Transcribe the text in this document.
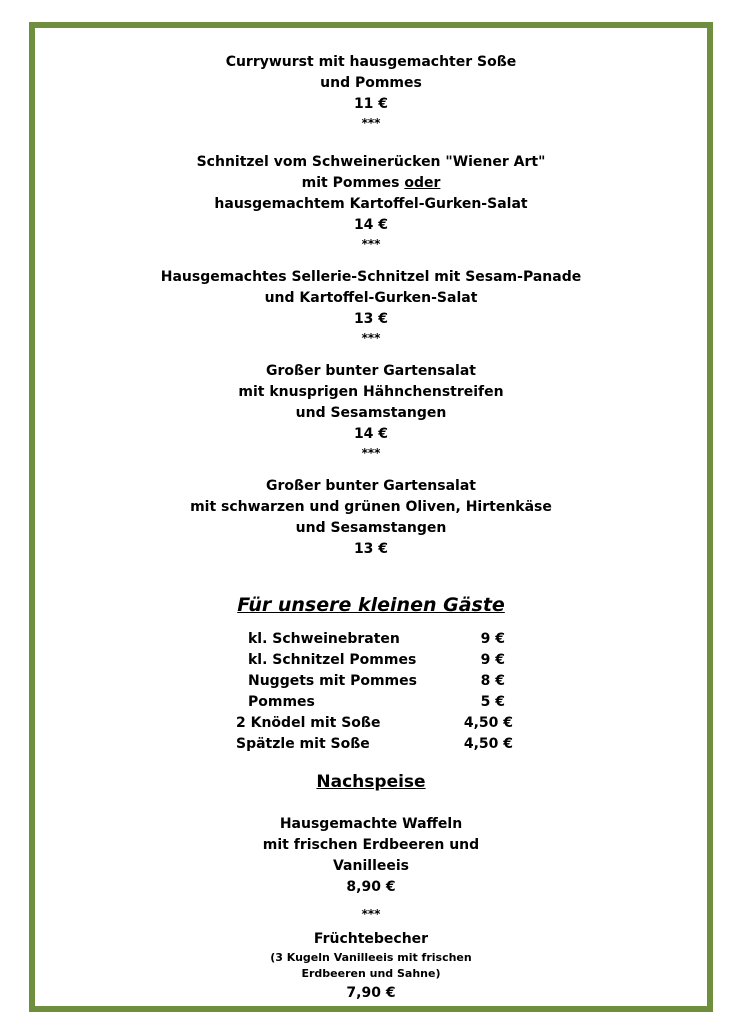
Currywurst mit hausgemachter Soße
und Pommes
11 €
***
Schnitzel vom Schweinerücken "Wiener Art"
mit Pommes oder
hausgemachtem Kartoffel-Gurken-Salat
14 €
***
Hausgemachtes Sellerie-Schnitzel mit Sesam-Panade
und Kartoffel-Gurken-Salat
13 €
***
Großer bunter Gartensalat
mit knusprigen Hähnchenstreifen
und Sesamstangen
14 €
***
Großer bunter Gartensalat
mit schwarzen und grünen Oliven, Hirtenkäse
und Sesamstangen
13 €
Für unsere kleinen Gäste
kl. Schweinebraten	9 €
kl. Schnitzel Pommes	9 €
Nuggets mit Pommes	8 €
Pommes	5 €
2 Knödel mit Soße	4,50 €
Spätzle mit Soße	4,50 €
Nachspeise
Hausgemachte Waffeln
mit frischen Erdbeeren und
Vanilleeis
8,90 €
***
Früchtebecher
(3 Kugeln Vanilleeis mit frischen
Erdbeeren und Sahne)
7,90 €
